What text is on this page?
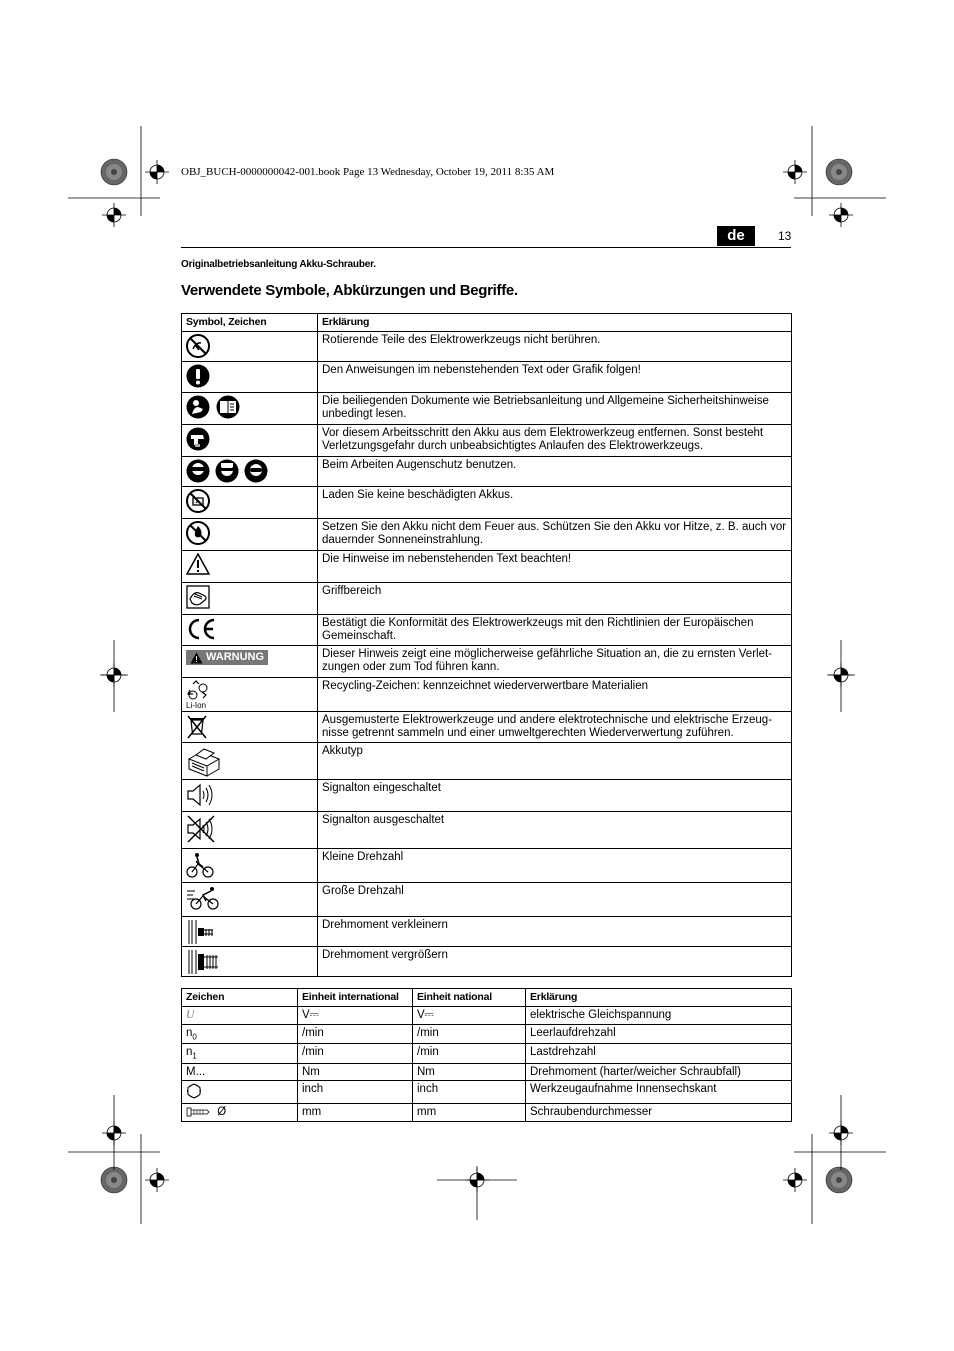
OBJ_BUCH-0000000042-001.book Page 13 Wednesday, October 19, 2011 8:35 AM
de	13
Originalbetriebsanleitung Akku-Schrauber.
Verwendete Symbole, Abkürzungen und Begriffe.
Symbol, Zeichen	Erklärung

	Rotierende Teile des Elektrowerkzeugs nicht berühren.

	Den Anweisungen im nebenstehenden Text oder Grafik folgen!

	Die beiliegenden Dokumente wie Betriebsanleitung und Allgemeine Sicherheitshinweise unbedingt lesen.

	Vor diesem Arbeitsschritt den Akku aus dem Elektrowerkzeug entfernen. Sonst besteht Verletzungsgefahr durch unbeabsichtigtes Anlaufen des Elektrowerkzeugs.

	Beim Arbeiten Augenschutz benutzen.

	Laden Sie keine beschädigten Akkus.

	Setzen Sie den Akku nicht dem Feuer aus. Schützen Sie den Akku vor Hitze, z. B. auch vor dauernder Sonneneinstrahlung.

	Die Hinweise im nebenstehenden Text beachten!

	Griffbereich

	Bestätigt die Konformität des Elektrowerkzeugs mit den Richtlinien der Europäischen Gemeinschaft.

WARNUNG	Dieser Hinweis zeigt eine möglicherweise gefährliche Situation an, die zu ernsten Verlet- zungen oder zum Tod führen kann.

Li-Ion	Recycling-Zeichen: kennzeichnet wiederverwertbare Materialien

	Ausgemusterte Elektrowerkzeuge und andere elektrotechnische und elektrische Erzeug- nisse getrennt sammeln und einer umweltgerechten Wiederverwertung zuführen.

	Akkutyp

	Signalton eingeschaltet

	Signalton ausgeschaltet

	Kleine Drehzahl

	Große Drehzahl

	Drehmoment verkleinern

	Drehmoment vergrößern
Zeichen	Einheit international	Einheit national	Erklärung
U	V⎓	V⎓	elektrische Gleichspannung
$n_0$	/min	/min	Leerlaufdrehzahl
$n_1$	/min	/min	Lastdrehzahl
M...	Nm	Nm	Drehmoment (harter/weicher Schraubfall)
	inch	inch	Werkzeugaufnahme Innensechskant
Ø	mm	mm	Schraubendurchmesser
